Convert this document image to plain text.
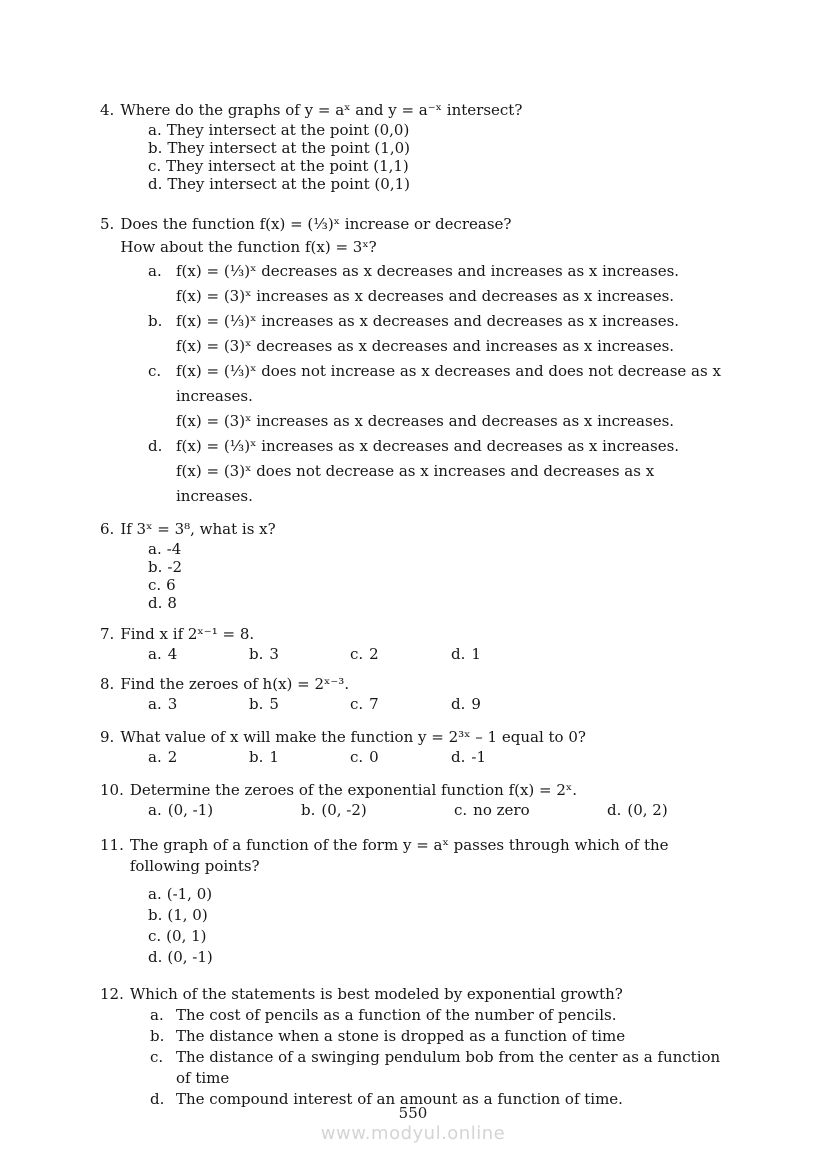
4. Where do the graphs of y = aˣ and y = a⁻ˣ intersect?
a. They intersect at the point (0,0)
b. They intersect at the point (1,0)
c. They intersect at the point (1,1)
d. They intersect at the point (0,1)
5. Does the function f(x) = (⅓)ˣ increase or decrease?
How about the function f(x) = 3ˣ?
a. f(x) = (⅓)ˣ decreases as x decreases and increases as x increases.
f(x) = (3)ˣ increases as x decreases and decreases as x increases.
b. f(x) = (⅓)ˣ increases as x decreases and decreases as x increases.
f(x) = (3)ˣ decreases as x decreases and increases as x increases.
c. f(x) = (⅓)ˣ does not increase as x decreases and does not decrease as x increases.
f(x) = (3)ˣ increases as x decreases and decreases as x increases.
d. f(x) = (⅓)ˣ increases as x decreases and decreases as x increases.
f(x) = (3)ˣ does not decrease as x increases and decreases as x increases.
6. If 3ˣ = 3⁸, what is x?
a. -4
b. -2
c. 6
d. 8
7. Find x if 2ˣ⁻¹ = 8.
a. 4	b. 3	c. 2	d. 1
8. Find the zeroes of h(x) = 2ˣ⁻³.
a. 3	b. 5	c. 7	d. 9
9. What value of x will make the function y = 2³ˣ – 1 equal to 0?
a. 2	b. 1	c. 0	d. -1
10. Determine the zeroes of the exponential function f(x) = 2ˣ.
a. (0, -1)	b. (0, -2)	c. no zero	d. (0, 2)
11. The graph of a function of the form y = aˣ passes through which of the following points?
a. (-1, 0)
b. (1, 0)
c. (0, 1)
d. (0, -1)
12. Which of the statements is best modeled by exponential growth?
a. The cost of pencils as a function of the number of pencils.
b. The distance when a stone is dropped as a function of time
c. The distance of a swinging pendulum bob from the center as a function of time
d. The compound interest of an amount as a function of time.
550
www.modyul.online
